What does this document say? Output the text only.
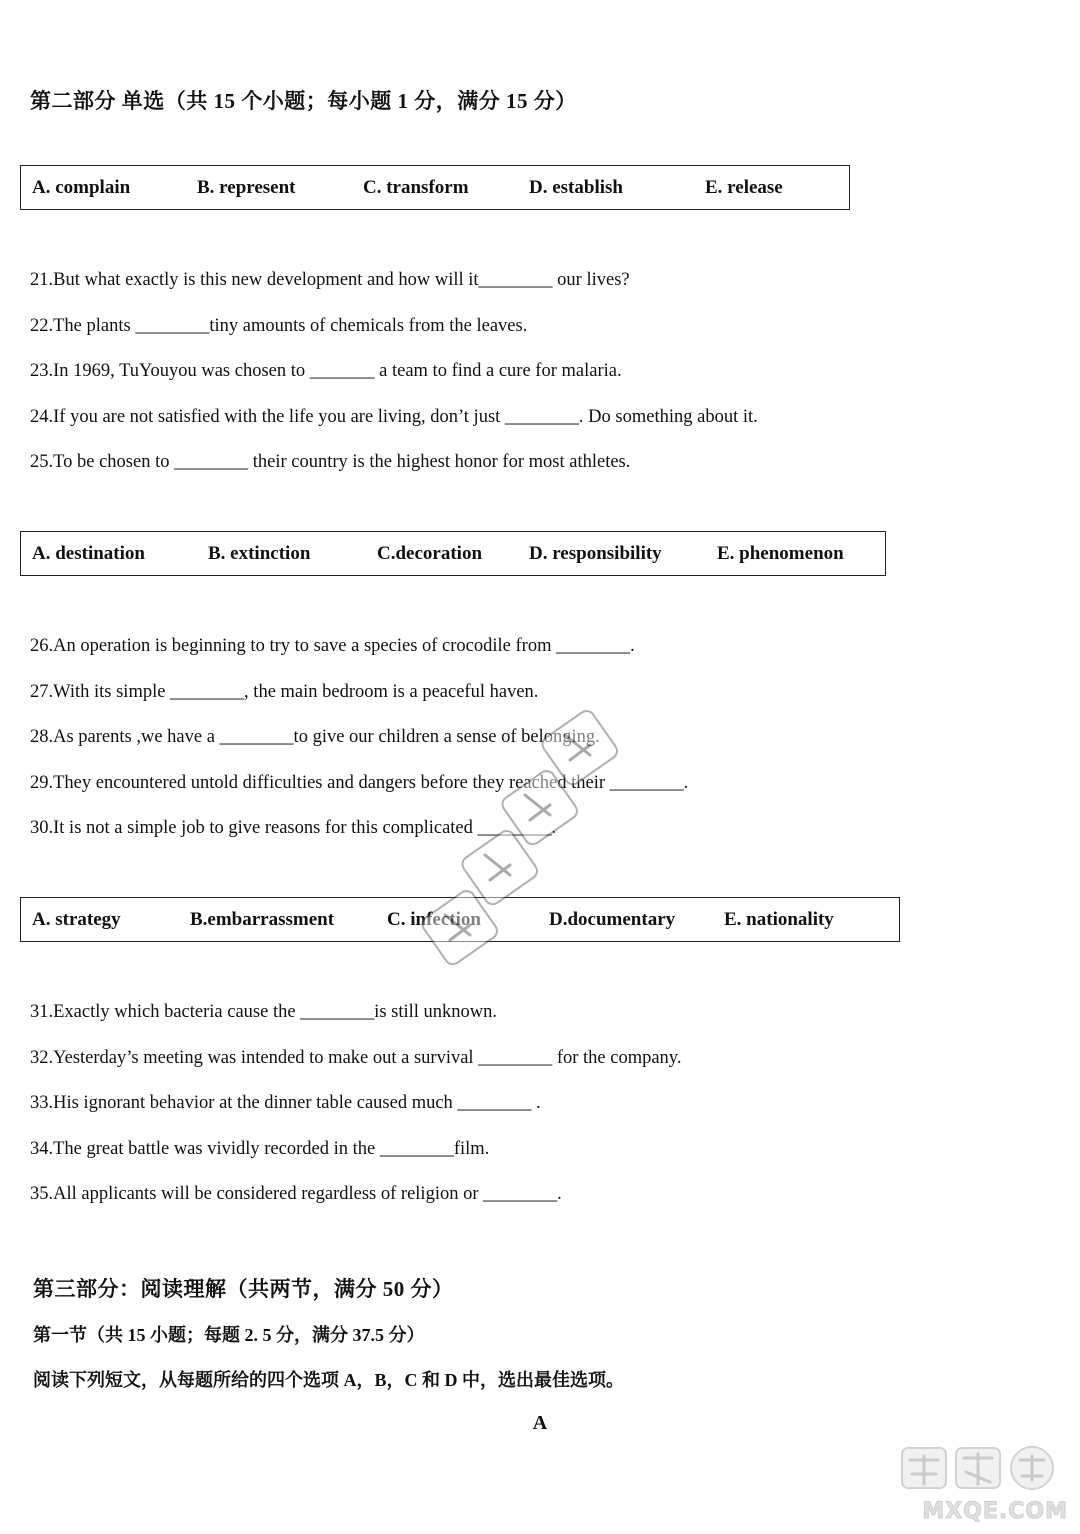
第二部分 单选（共 15 个小题；每小题 1 分，满分 15 分）
A. complain	B. represent	C. transform	D. establish	E. release
21.But what exactly is this new development and how will it________ our lives?
22.The plants ________tiny amounts of chemicals from the leaves.
23.In 1969, TuYouyou was chosen to _______ a team to find a cure for malaria.
24.If you are not satisfied with the life you are living, don’t just ________. Do something about it.
25.To be chosen to ________ their country is the highest honor for most athletes.
A. destination	B. extinction	C.decoration D. responsibility	E. phenomenon
26.An operation is beginning to try to save a species of crocodile from ________.
27.With its simple ________, the main bedroom is a peaceful haven.
28.As parents ,we have a ________to give our children a sense of belonging.
29.They encountered untold difficulties and dangers before they reached their ________.
30.It is not a simple job to give reasons for this complicated ________.
A. strategy	B.embarrassment	C. infection	D.documentary	E. nationality
31.Exactly which bacteria cause the ________is still unknown.
32.Yesterday’s meeting was intended to make out a survival ________ for the company.
33.His ignorant behavior at the dinner table caused much ________ .
34.The great battle was vividly recorded in the ________film.
35.All applicants will be considered regardless of religion or ________.
第三部分：阅读理解（共两节，满分 50 分）
第一节（共 15 小题；每题 2. 5 分，满分 37.5 分）
阅读下列短文，从每题所给的四个选项 A，B，C 和 D 中，选出最佳选项。
A
MXQE.COM
